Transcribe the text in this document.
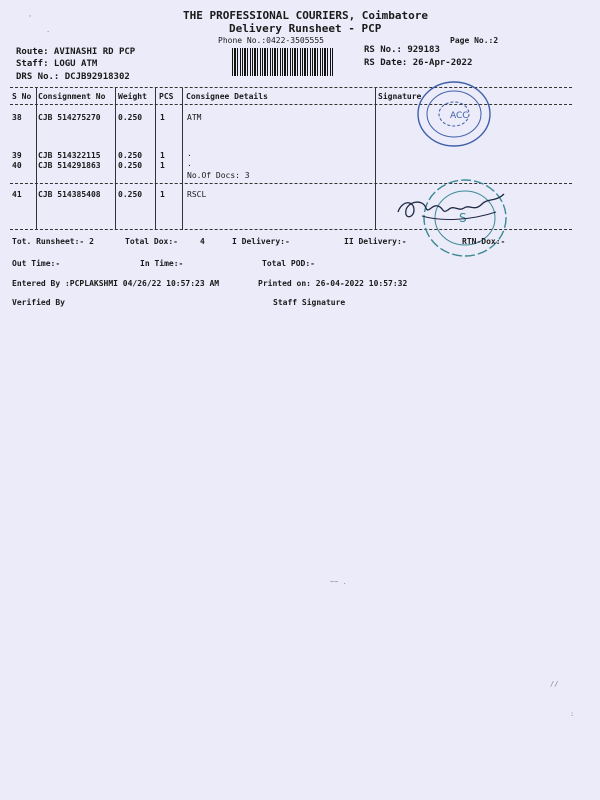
'
.
THE PROFESSIONAL COURIERS, Coimbatore
Delivery Runsheet - PCP
Phone No.:0422-3505555	Page No.:2
Route: AVINASHI RD PCP
Staff: LOGU ATM
DRS No.: DCJB92918302
RS No.: 929183
RS Date: 26-Apr-2022
S No Consignment No Weight PCS Consignee Details	Signature
38 CJB 514275270 0.250 1	ATM
39 CJB 514322115 0.250 1	.
40 CJB 514291863 0.250 1	.
No.Of Docs: 3
41 CJB 514385408 0.250 1	RSCL
ACC
S
Tot. Runsheet:- 2	Total Dox:-	4	I Delivery:-	II Delivery:-	RTN-Dox:-
Out Time:-	In Time:-	Total POD:-
Entered By :PCPLAKSHMI 04/26/22 10:57:23 AM	Printed on: 26-04-2022 10:57:32
Verified By	Staff Signature
~~ .
//
:
